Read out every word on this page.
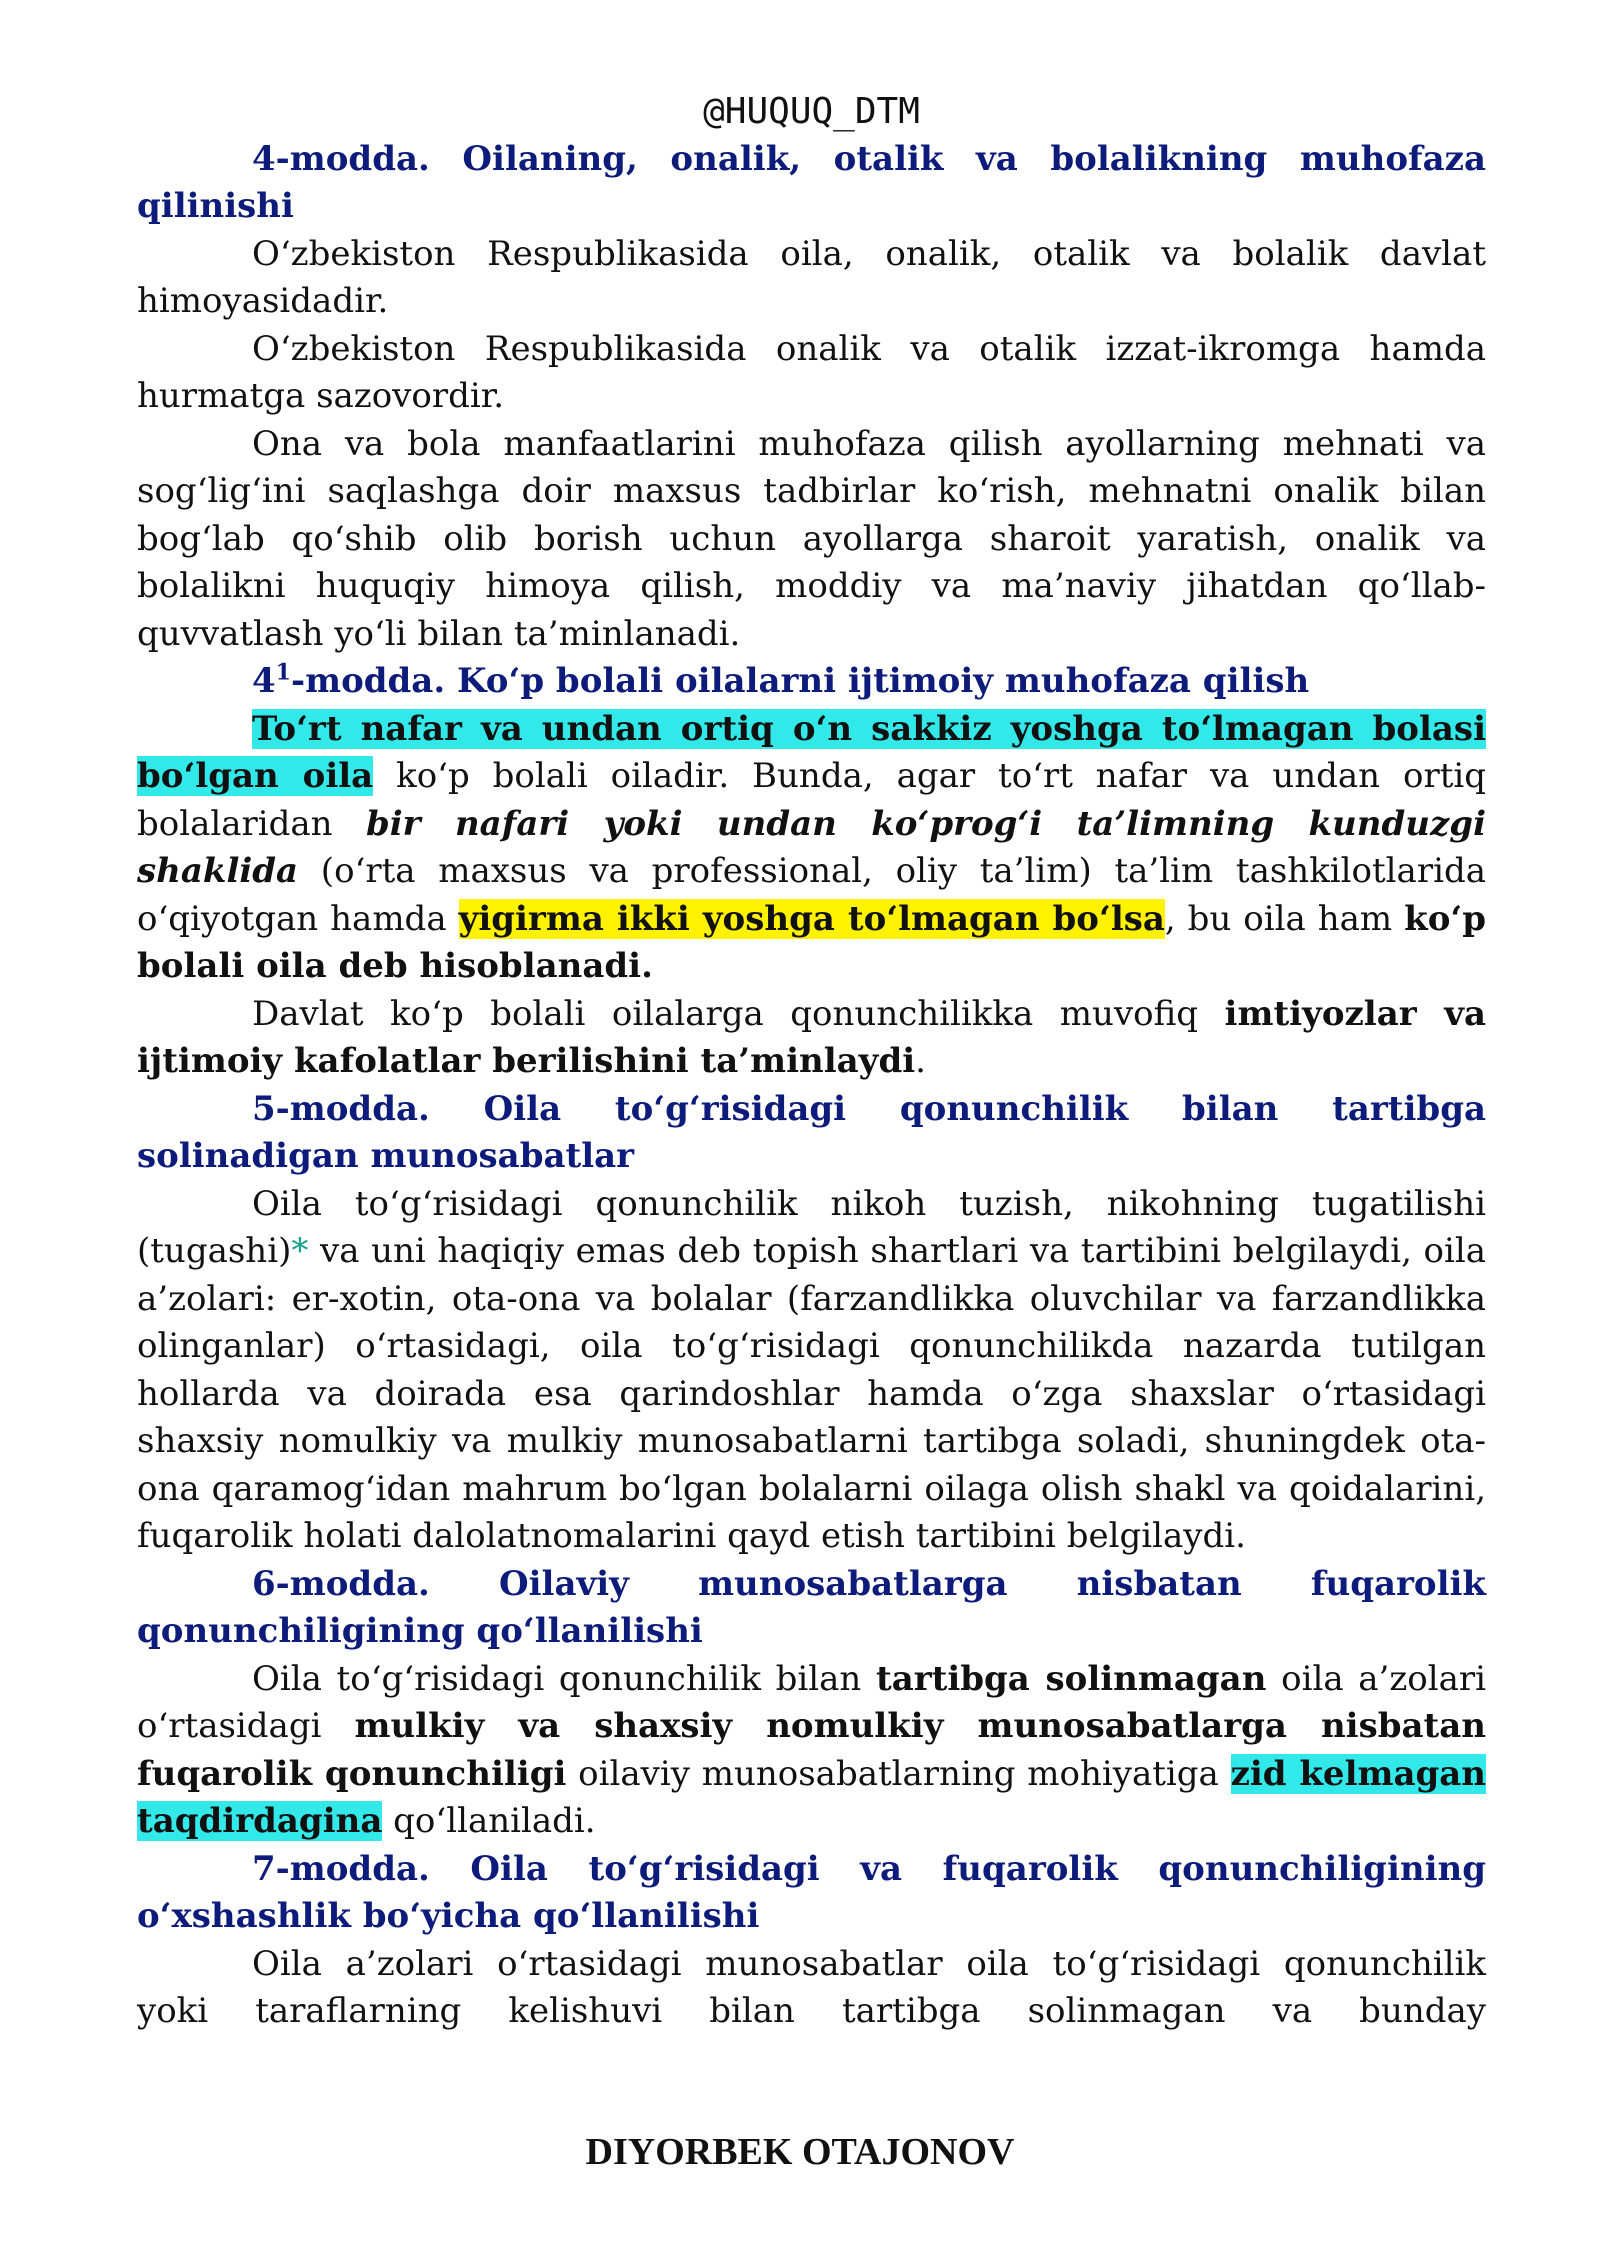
@HUQUQ_DTM

4-modda. Oilaning, onalik, otalik va bolalikning muhofaza qilinishi

O‘zbekiston Respublikasida oila, onalik, otalik va bolalik davlat himoyasidadir.

O‘zbekiston Respublikasida onalik va otalik izzat-ikromga hamda hurmatga sazovordir.

Ona va bola manfaatlarini muhofaza qilish ayollarning mehnati va sog‘lig‘ini saqlashga doir maxsus tadbirlar ko‘rish, mehnatni onalik bilan bog‘lab qo‘shib olib borish uchun ayollarga sharoit yaratish, onalik va bolalikni huquqiy himoya qilish, moddiy va ma’naviy jihatdan qo‘llab-quvvatlash yo‘li bilan ta’minlanadi.

$4^1$-modda. Ko‘p bolali oilalarni ijtimoiy muhofaza qilish

To‘rt nafar va undan ortiq o‘n sakkiz yoshga to‘lmagan bolasi bo‘lgan oila ko‘p bolali oiladir. Bunda, agar to‘rt nafar va undan ortiq bolalaridan bir nafari yoki undan ko‘prog‘i ta’limning kunduzgi shaklida (o‘rta maxsus va professional, oliy ta’lim) ta’lim tashkilotlarida o‘qiyotgan hamda yigirma ikki yoshga to‘lmagan bo‘lsa, bu oila ham ko‘p bolali oila deb hisoblanadi.

Davlat ko‘p bolali oilalarga qonunchilikka muvofiq imtiyozlar va ijtimoiy kafolatlar berilishini ta’minlaydi.

5-modda. Oila to‘g‘risidagi qonunchilik bilan tartibga solinadigan munosabatlar

Oila to‘g‘risidagi qonunchilik nikoh tuzish, nikohning tugatilishi (tugashi)* va uni haqiqiy emas deb topish shartlari va tartibini belgilaydi, oila a’zolari: er-xotin, ota-ona va bolalar (farzandlikka oluvchilar va farzandlikka olinganlar) o‘rtasidagi, oila to‘g‘risidagi qonunchilikda nazarda tutilgan hollarda va doirada esa qarindoshlar hamda o‘zga shaxslar o‘rtasidagi shaxsiy nomulkiy va mulkiy munosabatlarni tartibga soladi, shuningdek ota-ona qaramog‘idan mahrum bo‘lgan bolalarni oilaga olish shakl va qoidalarini, fuqarolik holati dalolatnomalarini qayd etish tartibini belgilaydi.

6-modda. Oilaviy munosabatlarga nisbatan fuqarolik qonunchiligining qo‘llanilishi

Oila to‘g‘risidagi qonunchilik bilan tartibga solinmagan oila a’zolari o‘rtasidagi mulkiy va shaxsiy nomulkiy munosabatlarga nisbatan fuqarolik qonunchiligi oilaviy munosabatlarning mohiyatiga zid kelmagan taqdirdagina qo‘llaniladi.

7-modda. Oila to‘g‘risidagi va fuqarolik qonunchiligining o‘xshashlik bo‘yicha qo‘llanilishi

Oila a’zolari o‘rtasidagi munosabatlar oila to‘g‘risidagi qonunchilik yoki taraflarning kelishuvi bilan tartibga solinmagan va bunday

DIYORBEK OTAJONOV
